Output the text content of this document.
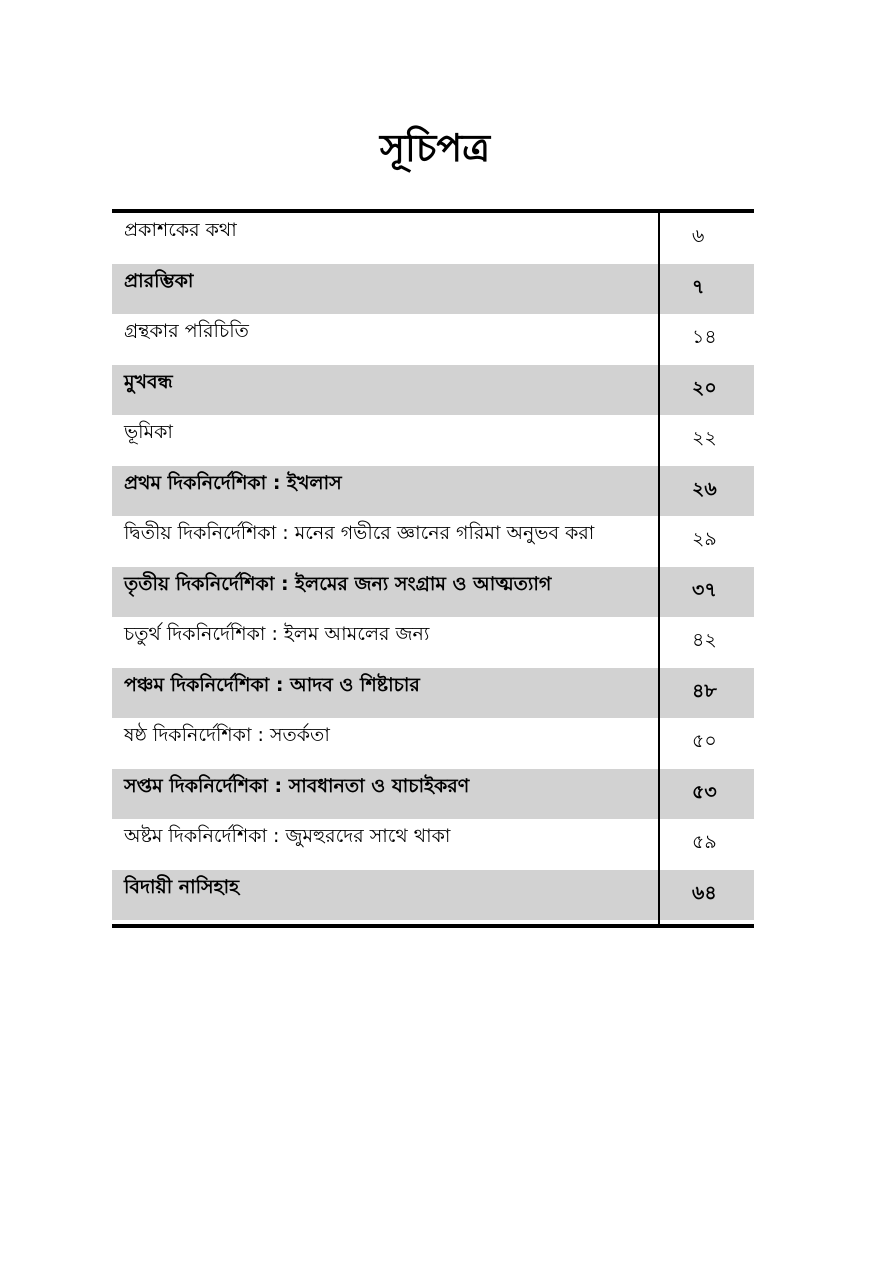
সূচিপত্র
প্রকাশকের কথা	৬
প্রারম্ভিকা	৭
গ্রন্থকার পরিচিতি	১৪
মুখবন্ধ	২০
ভূমিকা	২২
প্রথম দিকনির্দেশিকা : ইখলাস	২৬
দ্বিতীয় দিকনির্দেশিকা : মনের গভীরে জ্ঞানের গরিমা অনুভব করা	২৯
তৃতীয় দিকনির্দেশিকা : ইলমের জন্য সংগ্রাম ও আত্মত্যাগ	৩৭
চতুর্থ দিকনির্দেশিকা : ইলম আমলের জন্য	৪২
পঞ্চম দিকনির্দেশিকা : আদব ও শিষ্টাচার	৪৮
ষষ্ঠ দিকনির্দেশিকা : সতর্কতা	৫০
সপ্তম দিকনির্দেশিকা : সাবধানতা ও যাচাইকরণ	৫৩
অষ্টম দিকনির্দেশিকা : জুমহুরদের সাথে থাকা	৫৯
বিদায়ী নাসিহাহ	৬৪
